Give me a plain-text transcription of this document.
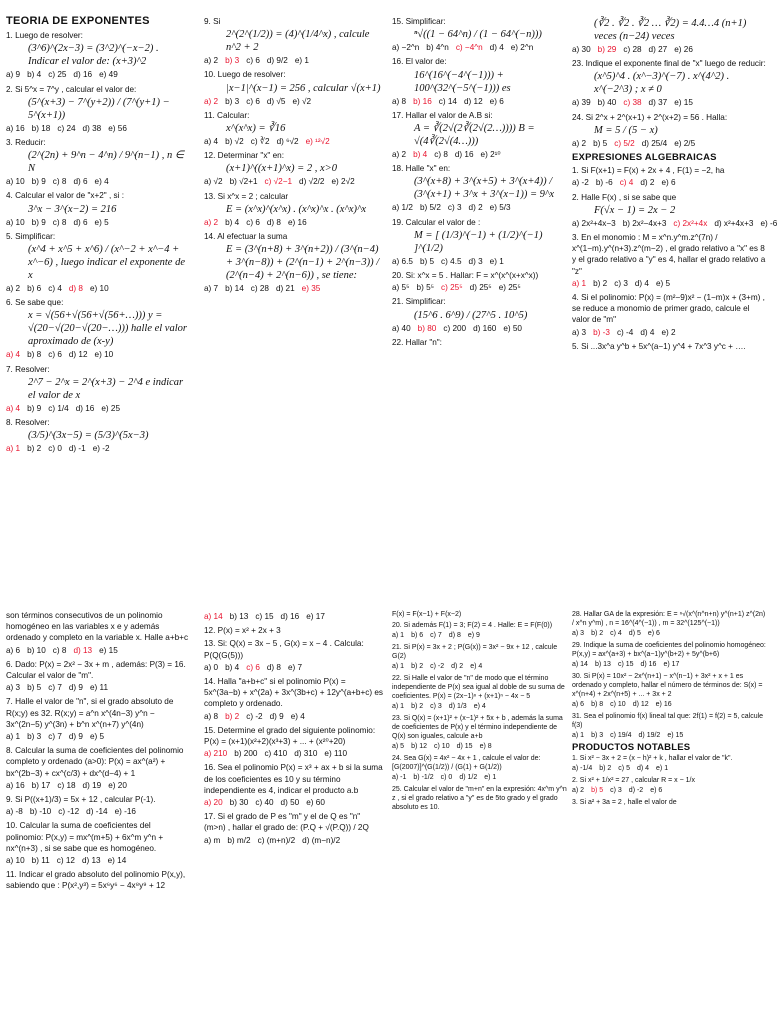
TEORIA DE EXPONENTES
1. Luego de resolver:
(3^6)^(2x−3) = (3^2)^(−x−2) . Indicar el valor de: (x+3)^2
a) 9 b) 4 c) 25 d) 16 e) 49
2. Si 5^x = 7^y , calcular el valor de:
(5^(x+3) − 7^(y+2)) / (7^(y+1) − 5^(x+1))
a) 16 b) 18 c) 24 d) 38 e) 56
3. Reducir:
(2^(2n) + 9^n − 4^n) / 9^(n−1) , n ∈ N
a) 10 b) 9 c) 8 d) 6 e) 4
4. Calcular el valor de "x+2" , si :
3^x − 3^(x−2) = 216
a) 10 b) 9 c) 8 d) 6 e) 5
5. Simplificar:
(x^4 + x^5 + x^6) / (x^−2 + x^−4 + x^−6) , luego indicar el exponente de x
a) 2 b) 6 c) 4 d) 8 e) 10
6. Se sabe que:
x = √(56+√(56+√(56+…))) y = √(20−√(20−√(20−…))) halle el valor aproximado de (x-y)
a) 4 b) 8 c) 6 d) 12 e) 10
7. Resolver:
2^7 − 2^x = 2^(x+3) − 2^4 e indicar el valor de x
a) 4 b) 9 c) 1/4 d) 16 e) 25
8. Resolver:
(3/5)^(3x−5) = (5/3)^(5x−3)
a) 1 b) 2 c) 0 d) -1 e) -2
9. Si
2^(2^(1/2)) = (4)^(1/4^x) , calcule n^2 + 2
a) 2 b) 3 c) 6 d) 9/2 e) 1
10. Luego de resolver:
|x−1|^(x−1) = 256 , calcular √(x+1)
a) 2 b) 3 c) 6 d) √5 e) √2
11. Calcular:
x^(x^x) = ∛16
a) 4 b) √2 c) ∛2 d) ⁶√2 e) ¹²√2
12. Determinar "x" en:
(x+1)^((x+1)^x) = 2 , x>0
a) √2 b) √2+1 c) √2−1 d) √2/2 e) 2√2
13. Si x^x = 2 ; calcular
E = (x^x)^(x^x) . (x^x)^x . (x^x)^x
a) 2 b) 4 c) 6 d) 8 e) 16
14. Al efectuar la suma
E = (3^(n+8) + 3^(n+2)) / (3^(n−4) + 3^(n−8)) + (2^(n−1) + 2^(n−3)) / (2^(n−4) + 2^(n−6)) , se tiene:
a) 7 b) 14 c) 28 d) 21 e) 35
15. Simplificar:
ⁿ√((1 − 64^n) / (1 − 64^(−n)))
a) −2^n b) 4^n c) −4^n d) 4 e) 2^n
16. El valor de:
16^(16^(−4^(−1))) + 100^(32^(−5^(−1))) es
a) 8 b) 16 c) 14 d) 12 e) 6
17. Hallar el valor de A.B si:
A = ∛(2√(2∛(2√(2…)))) B = √(4∛(2√(4…)))
a) 2 b) 4 c) 8 d) 16 e) 2¹⁰
18. Halle "x" en:
(3^(x+8) + 3^(x+5) + 3^(x+4)) / (3^(x+1) + 3^x + 3^(x−1)) = 9^x
a) 1/2 b) 5/2 c) 3 d) 2 e) 5/3
19. Calcular el valor de :
M = [ (1/3)^(−1) + (1/2)^(−1) ]^(1/2)
a) 6.5 b) 5 c) 4.5 d) 3 e) 1
20. Si: x^x = 5 . Hallar: F = x^(x^(x+x^x))
a) 5⁵ b) 5⁵ c) 25⁵ d) 25⁵ e) 25⁵
21. Simplificar:
(15^6 . 6^9) / (27^5 . 10^5)
a) 40 b) 80 c) 200 d) 160 e) 50
22. Hallar "n":
(∛2 . ∛2 . ∛2 … ∛2) = 4.4…4 (n+1) veces (n−24) veces
a) 30 b) 29 c) 28 d) 27 e) 26
23. Indique el exponente final de "x" luego de reducir:
(x^5)^4 . (x^−3)^(−7) . x^(4^2) . x^(−2^3) ; x ≠ 0
a) 39 b) 40 c) 38 d) 37 e) 15
24. Si 2^x + 2^(x+1) + 2^(x+2) = 56 . Halla:
M = 5 / (5 − x)
a) 2 b) 5 c) 5/2 d) 25/4 e) 2/5
EXPRESIONES ALGEBRAICAS
1. Si F(x+1) = F(x) + 2x + 4 , F(1) = −2, ha
a) -2 b) -6 c) 4 d) 2 e) 6
2. Halle F(x) , si se sabe que
F(√x − 1) = 2x − 2
a) 2x²+4x−3 b) 2x²−4x+3 c) 2x²+4x d) x²+4x+3 e) -6
3. En el monomio : M = x^n.y^m.z^(7n) / x^(1−m).y^(n+3).z^(m−2) , el grado relativo a "x" es 8 y el grado relativo a "y" es 4, hallar el grado relativo a "z"
a) 1 b) 2 c) 3 d) 4 e) 5
4. Si el polinomio: P(x) = (m²−9)x² − (1−m)x + (3+m) , se reduce a monomio de primer grado, calcule el valor de "m"
a) 3 b) -3 c) -4 d) 4 e) 2
5. Si ...3x^a y^b + 5x^(a−1) y^4 + 7x^3 y^c + ….
son términos consecutivos de un polinomio homogéneo en las variables x e y además ordenado y completo en la variable x. Halle a+b+c
a) 6 b) 10 c) 8 d) 13 e) 15
6. Dado: P(x) = 2x² − 3x + m , además: P(3) = 16. Calcular el valor de "m".
a) 3 b) 5 c) 7 d) 9 e) 11
7. Halle el valor de "n", si el grado absoluto de R(x;y) es 32. R(x;y) = a^n x^(4n−3) y^n − 3x^(2n−5) y^(3n) + b^n x^(n+7) y^(4n)
a) 1 b) 3 c) 7 d) 9 e) 5
8. Calcular la suma de coeficientes del polinomio completo y ordenado (a>0): P(x) = ax^(a²) + bx^(2b−3) + cx^(c/3) + dx^(d−4) + 1
a) 16 b) 17 c) 18 d) 19 e) 20
9. Si P((x+1)/3) = 5x + 12 , calcular P(-1).
a) -8 b) -10 c) -12 d) -14 e) -16
10. Calcular la suma de coeficientes del polinomio: P(x,y) = mx^(m+5) + 6x^m y^n + nx^(n+3) , si se sabe que es homogéneo.
a) 10 b) 11 c) 12 d) 13 e) 14
11. Indicar el grado absoluto del polinomio P(x,y), sabiendo que : P(x²,y³) = 5x⁶y⁶ − 4x⁸y⁹ + 12
a) 14 b) 13 c) 15 d) 16 e) 17
12. P(x) = x² + 2x + 3
13. Si: Q(x) = 3x − 5 , G(x) = x − 4 . Calcula: P(Q(G(5)))
a) 0 b) 4 c) 6 d) 8 e) 7
14. Halla "a+b+c" si el polinomio P(x) = 5x^(3a−b) + x^(2a) + 3x^(3b+c) + 12y^(a+b+c) es completo y ordenado.
a) 8 b) 2 c) -2 d) 9 e) 4
15. Determine el grado del siguiente polinomio: P(x) = (x+1)(x²+2)(x³+3) + ... + (x²⁰+20)
a) 210 b) 200 c) 410 d) 310 e) 110
16. Sea el polinomio P(x) = x³ + ax + b si la suma de los coeficientes es 10 y su término independiente es 4, indicar el producto a.b
a) 20 b) 30 c) 40 d) 50 e) 60
17. Si el grado de P es "m" y el de Q es "n" (m>n) , hallar el grado de: (P.Q + √(P.Q)) / 2Q
a) m b) m/2 c) (m+n)/2 d) (m−n)/2
F(x) = F(x−1) + F(x−2)
20. Si además F(1) = 3; F(2) = 4 . Halle: E = F(F(0))
a) 1 b) 6 c) 7 d) 8 e) 9
21. Si P(x) = 3x + 2 ; P(G(x)) = 3x² − 9x + 12 , calcule G(2)
a) 1 b) 2 c) -2 d) 2 e) 4
22. Si Halle el valor de "n" de modo que el término independiente de P(x) sea igual al doble de su suma de coeficientes. P(x) = (2x−1)ⁿ + (x+1)ⁿ − 4x − 5
a) 1 b) 2 c) 3 d) 1/3 e) 4
23. Si Q(x) = (x+1)² + (x−1)² + 5x + b , además la suma de coeficientes de P(x) y el término independiente de Q(x) son iguales, calcule a+b
a) 5 b) 12 c) 10 d) 15 e) 8
24. Sea G(x) = 4x² − 4x + 1 , calcule el valor de: [G(2007)]^(G(1/2)) / (G(1) + G(1/2))
a) -1 b) -1/2 c) 0 d) 1/2 e) 1
25. Calcular el valor de "m+n" en la expresión: 4x^m y^n z , si el grado relativo a "y" es de 5to grado y el grado absoluto es 10.
28. Hallar GA de la expresión: E = ⁿ√(x^(n^n+n) y^(n+1) z^(2n) / x^n y^m) , n = 16^(4^(−1)) , m = 32^(125^(−1))
a) 3 b) 2 c) 4 d) 5 e) 6
29. Indique la suma de coeficientes del polinomio homogéneo: P(x,y) = ax^(a+3) + bx^(a−1)y^(b+2) + 5y^(b+6)
a) 14 b) 13 c) 15 d) 16 e) 17
30. Si P(x) = 10x² − 2x^(n+1) − x^(n−1) + 3x² + x + 1 es ordenado y completo, hallar el número de términos de: S(x) = x^(n+4) + 2x^(n+5) + ... + 3x + 2
a) 6 b) 8 c) 10 d) 12 e) 16
31. Sea el polinomio f(x) lineal tal que: 2f(1) = f(2) = 5, calcule f(3)
a) 1 b) 3 c) 19/4 d) 19/2 e) 15
PRODUCTOS NOTABLES
1. Si x² − 3x + 2 = (x − h)² + k , hallar el valor de "k".
a) -1/4 b) 2 c) 5 d) 4 e) 1
2. Si x² + 1/x² = 27 , calcular R = x − 1/x
a) 2 b) 5 c) 3 d) -2 e) 6
3. Si a² + 3a = 2 , halle el valor de
